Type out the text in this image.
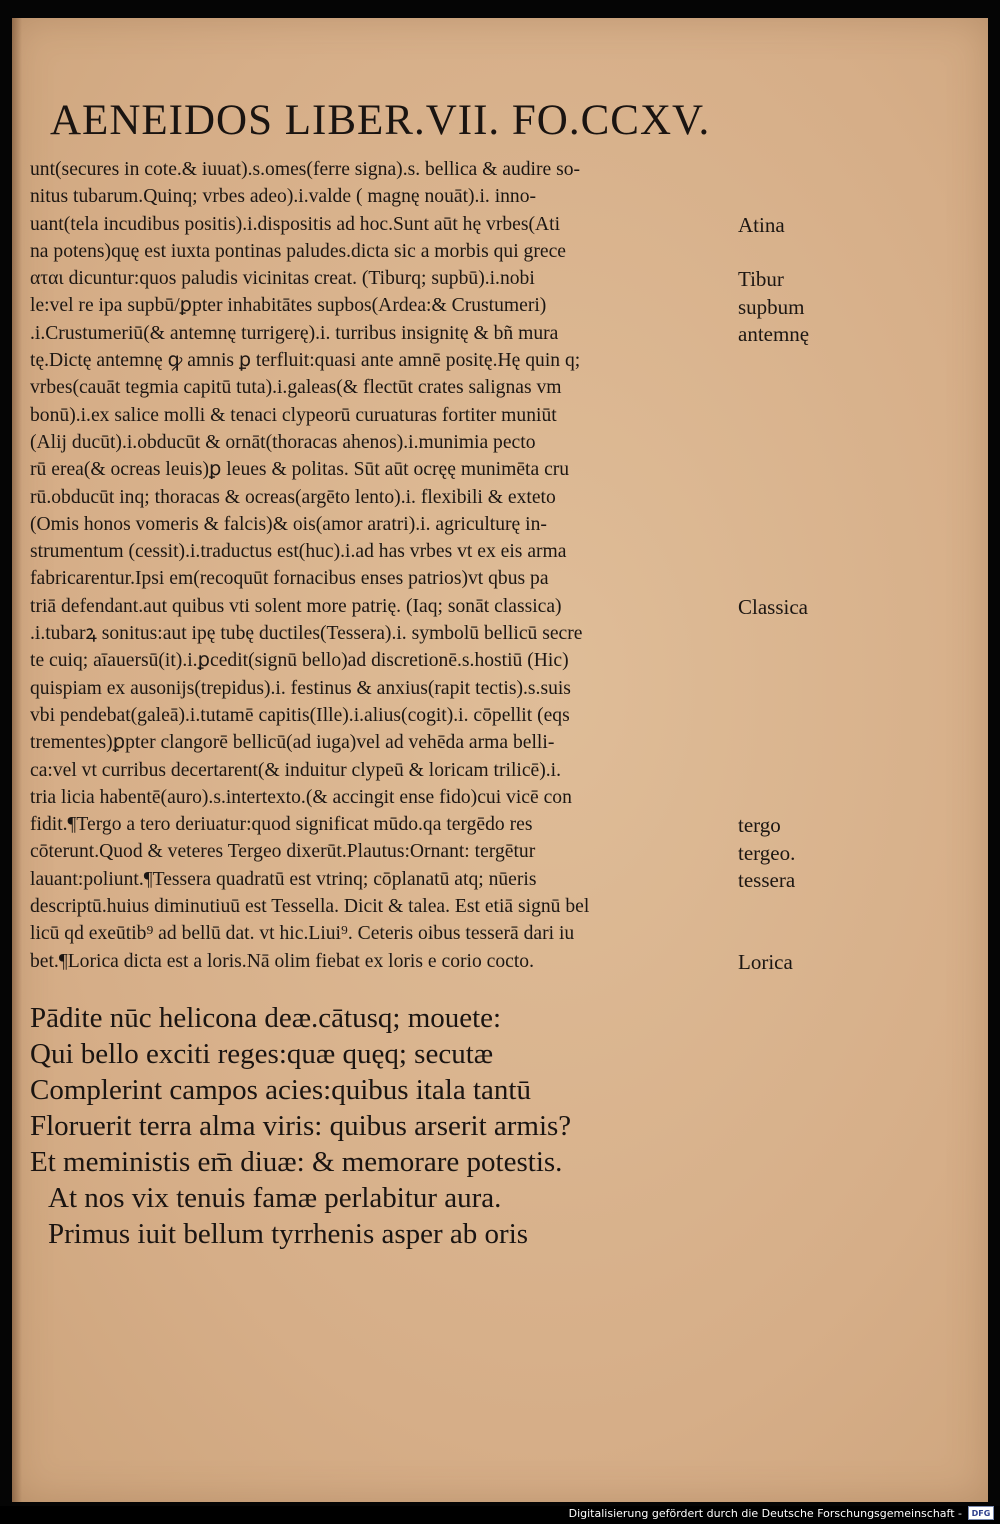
AENEIDOS LIBER.VII. FO.CCXV.
unt(secures in cote.& iuuat).s.omes(ferre signa).s. bellica & audire so-
nitus tubarum.Quinq; vrbes adeo).i.valde ( magnę nouāt).i. inno-
uant(tela incudibus positis).i.dispositis ad hoc.Sunt aūt hę vrbes(Ati
na potens)quę est iuxta pontinas paludes.dicta sic a morbis qui grece
αται dicuntur:quos paludis vicinitas creat. (Tiburq; supbū).i.nobi
le:vel re ipa supbū/ꝑpter inhabitātes supbos(Ardea:& Crustumeri)
.i.Crustumeriū(& antemnę turrigerę).i. turribus insignitę & bñ mura
tę.Dictę antemnę ꝙ amnis ꝑ terfluit:quasi ante amnē positę.Hę quin q;
vrbes(cauāt tegmia capitū tuta).i.galeas(& flectūt crates salignas vm
bonū).i.ex salice molli & tenaci clypeorū curuaturas fortiter muniūt
(Alij ducūt).i.obducūt & ornāt(thoracas ahenos).i.munimia pecto
rū erea(& ocreas leuis)ꝑ leues & politas. Sūt aūt ocręę munimēta cru
rū.obducūt inq; thoracas & ocreas(argēto lento).i. flexibili & exteto
(Omis honos vomeris & falcis)& ois(amor aratri).i. agriculturę in-
strumentum (cessit).i.traductus est(huc).i.ad has vrbes vt ex eis arma
fabricarentur.Ipsi em(recoquūt fornacibus enses patrios)vt qbus pa
triā defendant.aut quibus vti solent more patrię. (Iaq; sonāt classica)
.i.tubarꝝ sonitus:aut ipę tubę ductiles(Tessera).i. symbolū bellicū secre
te cuiq; aīauersū(it).i.ꝑcedit(signū bello)ad discretionē.s.hostiū (Hic)
quispiam ex ausonijs(trepidus).i. festinus & anxius(rapit tectis).s.suis
vbi pendebat(galeā).i.tutamē capitis(Ille).i.alius(cogit).i. cōpellit (eqs
trementes)ꝑpter clangorē bellicū(ad iuga)vel ad vehēda arma belli-
ca:vel vt curribus decertarent(& induitur clypeū & loricam trilicē).i.
tria licia habentē(auro).s.intertexto.(& accingit ense fido)cui vicē con
fidit.¶Tergo a tero deriuatur:quod significat mūdo.qa tergēdo res
cōterunt.Quod & veteres Tergeo dixerūt.Plautus:Ornant: tergētur
lauant:poliunt.¶Tessera quadratū est vtrinq; cōplanatū atq; nūeris
descriptū.huius diminutiuū est Tessella. Dicit & talea. Est etiā signū bel
licū qd exeūtib⁹ ad bellū dat. vt hic.Liui⁹. Ceteris oibus tesserā dari iu
bet.¶Lorica dicta est a loris.Nā olim fiebat ex loris e corio cocto.
Atina
Tibur
supbum
antemnę
Classica
tergo
tergeo.
tessera
Lorica
Pādite nūc helicona deæ.cātusq; mouete:
Qui bello exciti reges:quæ quęq; secutæ
Complerint campos acies:quibus itala tantū
Floruerit terra alma viris: quibus arserit armis?
Et meministis em̄ diuæ: & memorare potestis.
At nos vix tenuis famæ perlabitur aura.
Primus iuit bellum tyrrhenis asper ab oris
Digitalisierung gefördert durch die Deutsche Forschungsgemeinschaft -	DFG
